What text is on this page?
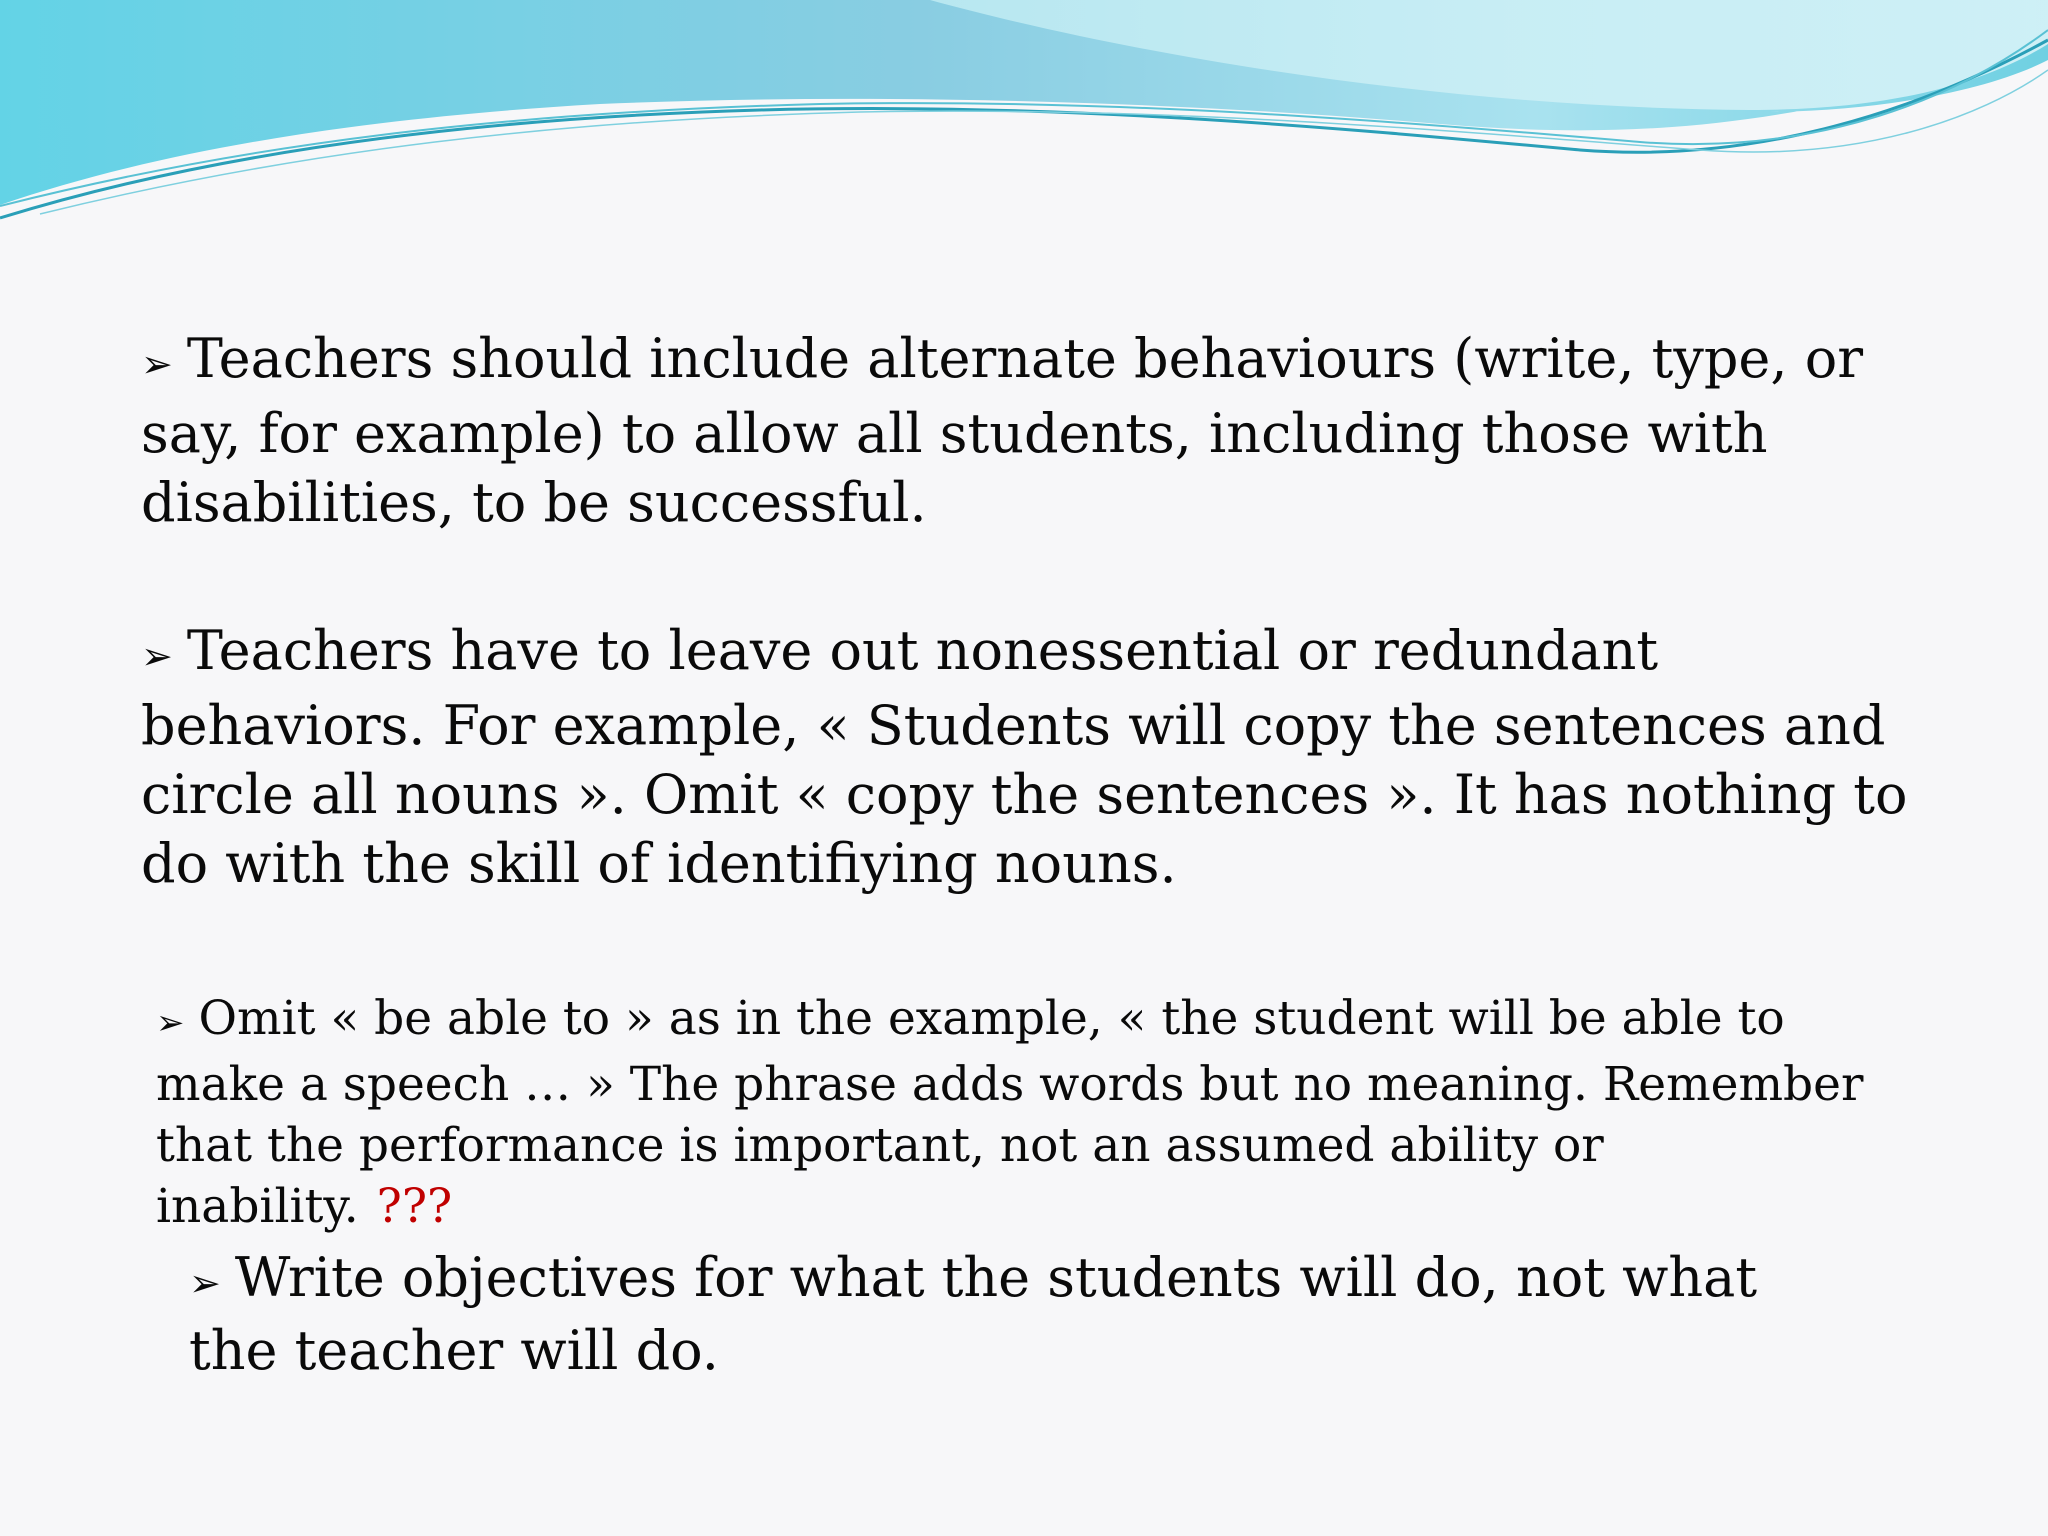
➢ Teachers should include alternate behaviours (write, type, or say, for example) to allow all students, including those with disabilities, to be successful.

➢ Teachers have to leave out nonessential or redundant behaviors. For example, « Students will copy the sentences and circle all nouns ». Omit « copy the sentences ». It has nothing to do with the skill of identifiying nouns.

➢ Omit « be able to » as in the example, « the student will be able to make a speech … » The phrase adds words but no meaning. Remember that the performance is important, not an assumed ability or inability. ???

➢ Write objectives for what the students will do, not what the teacher will do.
